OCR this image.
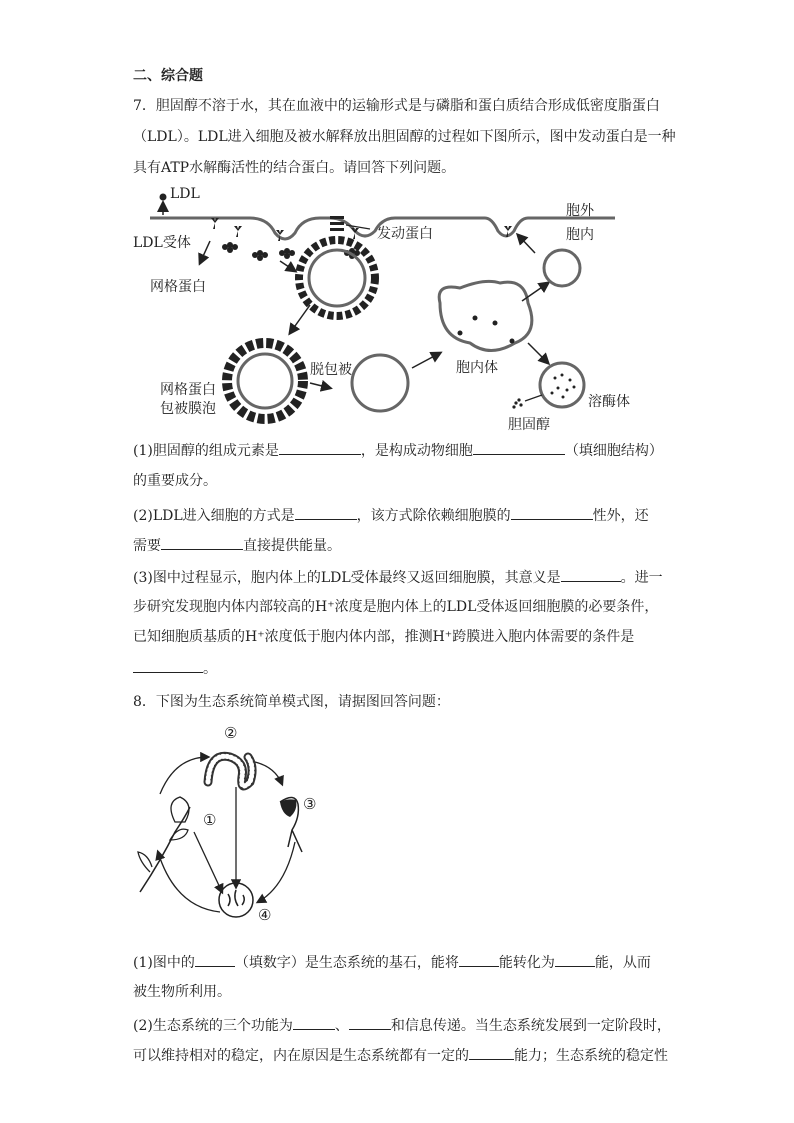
二、综合题
7．胆固醇不溶于水，其在血液中的运输形式是与磷脂和蛋白质结合形成低密度脂蛋白
（LDL）。LDL进入细胞及被水解释放出胆固醇的过程如下图所示，图中发动蛋白是一种
具有ATP水解酶活性的结合蛋白。请回答下列问题。
LDL
LDL受体
网格蛋白
发动蛋白
胞外
胞内
网格蛋白
包被膜泡
脱包被	胞内体
溶酶体
胆固醇
(1)胆固醇的组成元素是	，是构成动物细胞	（填细胞结构）
的重要成分。
(2)LDL进入细胞的方式是	，该方式除依赖细胞膜的	性外，还
需要	直接提供能量。
(3)图中过程显示，胞内体上的LDL受体最终又返回细胞膜，其意义是	。进一
步研究发现胞内体内部较高的H⁺浓度是胞内体上的LDL受体返回细胞膜的必要条件，
已知细胞质基质的H⁺浓度低于胞内体内部，推测H⁺跨膜进入胞内体需要的条件是
。
8．下图为生态系统简单模式图，请据图回答问题：
②
③
①
④
(1)图中的	（填数字）是生态系统的基石，能将	能转化为	能，从而
被生物所利用。
(2)生态系统的三个功能为	、	和信息传递。当生态系统发展到一定阶段时，
可以维持相对的稳定，内在原因是生态系统都有一定的	能力；生态系统的稳定性
